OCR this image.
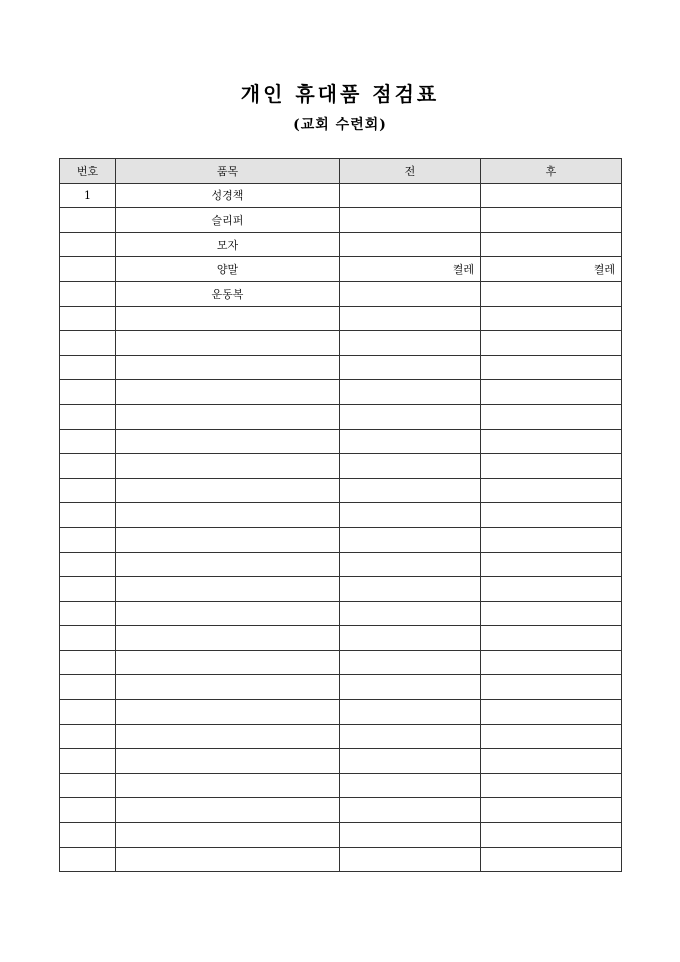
개인 휴대품 점검표
(교회 수련회)
번호	품목	전	후
1	성경책		
	슬리퍼		
	모자		
	양말	켤레	켤레
	운동복		
